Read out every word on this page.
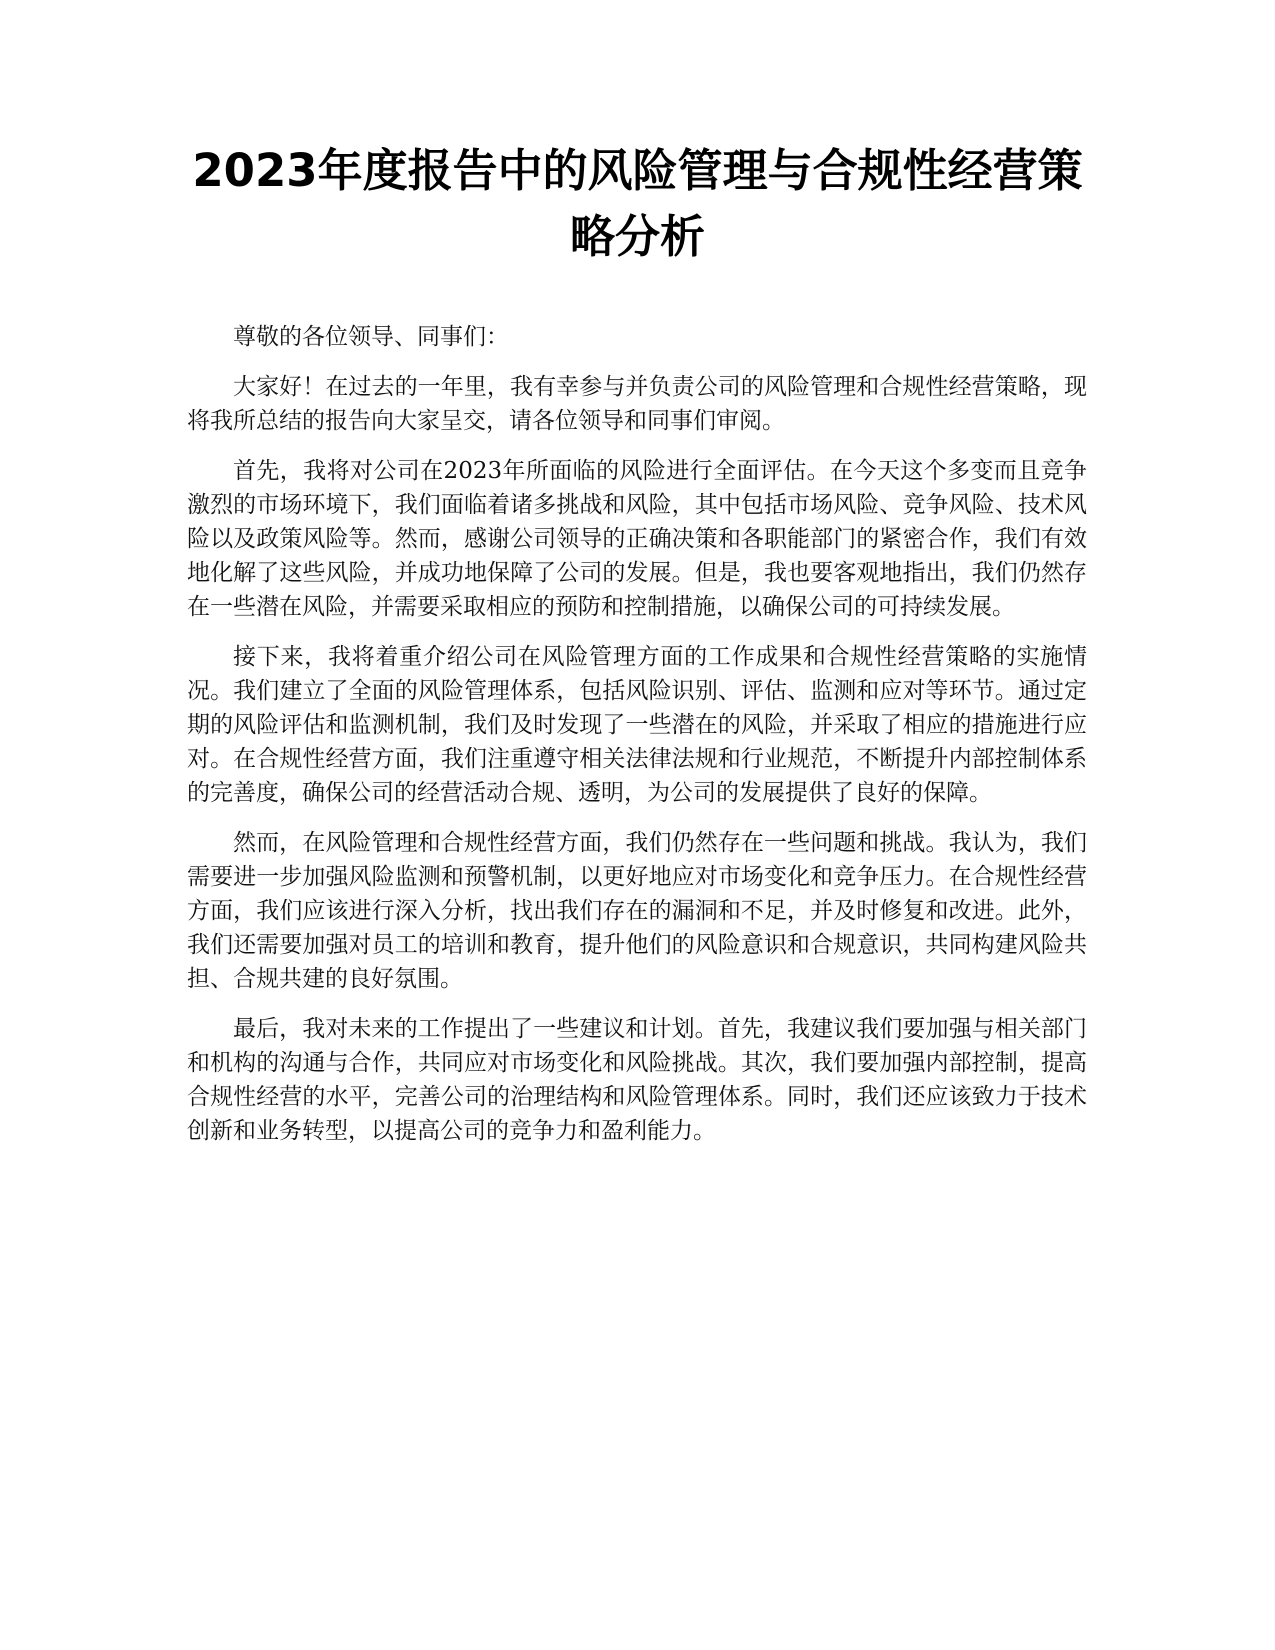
2023年度报告中的风险管理与合规性经营策略分析

尊敬的各位领导、同事们：

大家好！在过去的一年里，我有幸参与并负责公司的风险管理和合规性经营策略，现将我所总结的报告向大家呈交，请各位领导和同事们审阅。

首先，我将对公司在2023年所面临的风险进行全面评估。在今天这个多变而且竞争激烈的市场环境下，我们面临着诸多挑战和风险，其中包括市场风险、竞争风险、技术风险以及政策风险等。然而，感谢公司领导的正确决策和各职能部门的紧密合作，我们有效地化解了这些风险，并成功地保障了公司的发展。但是，我也要客观地指出，我们仍然存在一些潜在风险，并需要采取相应的预防和控制措施，以确保公司的可持续发展。

接下来，我将着重介绍公司在风险管理方面的工作成果和合规性经营策略的实施情况。我们建立了全面的风险管理体系，包括风险识别、评估、监测和应对等环节。通过定期的风险评估和监测机制，我们及时发现了一些潜在的风险，并采取了相应的措施进行应对。在合规性经营方面，我们注重遵守相关法律法规和行业规范，不断提升内部控制体系的完善度，确保公司的经营活动合规、透明，为公司的发展提供了良好的保障。

然而，在风险管理和合规性经营方面，我们仍然存在一些问题和挑战。我认为，我们需要进一步加强风险监测和预警机制，以更好地应对市场变化和竞争压力。在合规性经营方面，我们应该进行深入分析，找出我们存在的漏洞和不足，并及时修复和改进。此外，我们还需要加强对员工的培训和教育，提升他们的风险意识和合规意识，共同构建风险共担、合规共建的良好氛围。

最后，我对未来的工作提出了一些建议和计划。首先，我建议我们要加强与相关部门和机构的沟通与合作，共同应对市场变化和风险挑战。其次，我们要加强内部控制，提高合规性经营的水平，完善公司的治理结构和风险管理体系。同时，我们还应该致力于技术创新和业务转型，以提高公司的竞争力和盈利能力。
